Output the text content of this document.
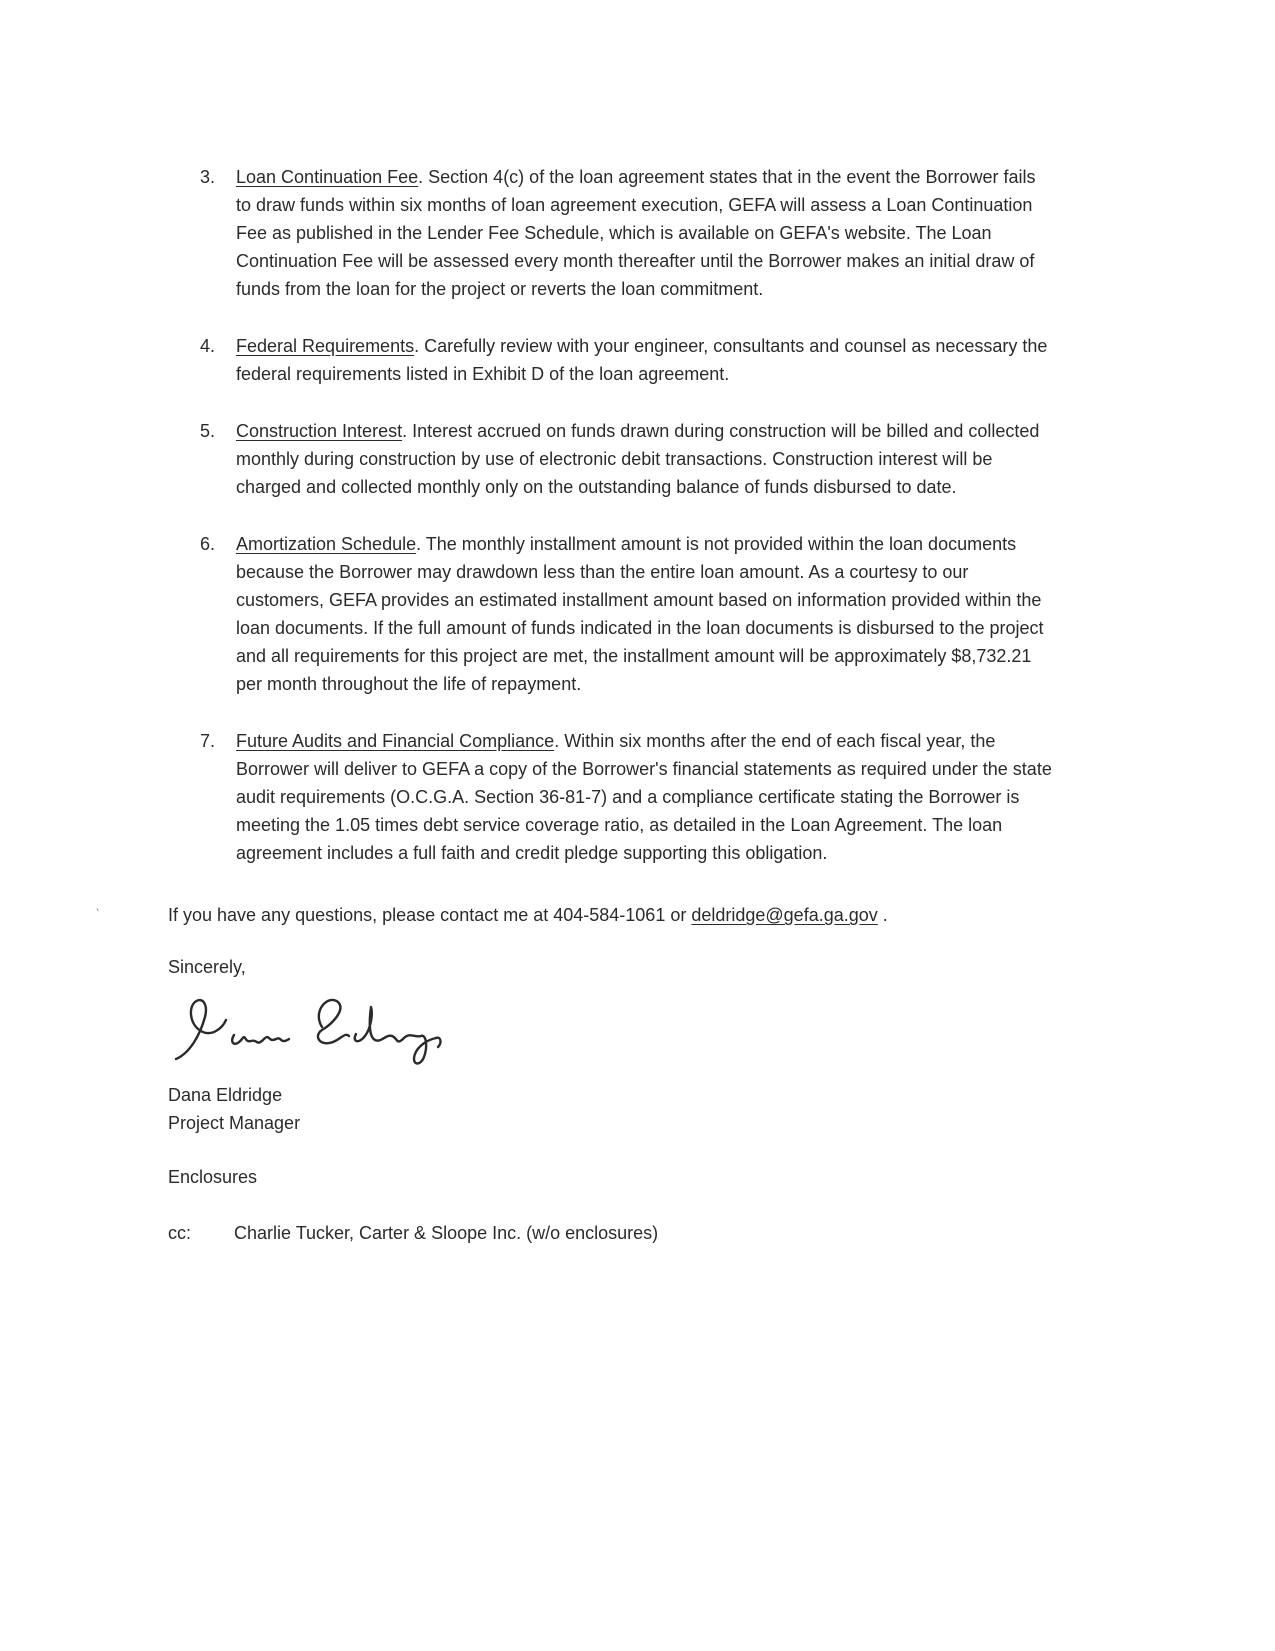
`
3.	Loan Continuation Fee. Section 4(c) of the loan agreement states that in the event the Borrower fails to draw funds within six months of loan agreement execution, GEFA will assess a Loan Continuation Fee as published in the Lender Fee Schedule, which is available on GEFA's website. The Loan Continuation Fee will be assessed every month thereafter until the Borrower makes an initial draw of funds from the loan for the project or reverts the loan commitment.

4.	Federal Requirements. Carefully review with your engineer, consultants and counsel as necessary the federal requirements listed in Exhibit D of the loan agreement.

5.	Construction Interest. Interest accrued on funds drawn during construction will be billed and collected monthly during construction by use of electronic debit transactions. Construction interest will be charged and collected monthly only on the outstanding balance of funds disbursed to date.

6.	Amortization Schedule. The monthly installment amount is not provided within the loan documents because the Borrower may drawdown less than the entire loan amount. As a courtesy to our customers, GEFA provides an estimated installment amount based on information provided within the loan documents. If the full amount of funds indicated in the loan documents is disbursed to the project and all requirements for this project are met, the installment amount will be approximately $8,732.21 per month throughout the life of repayment.

7.	Future Audits and Financial Compliance. Within six months after the end of each fiscal year, the Borrower will deliver to GEFA a copy of the Borrower's financial statements as required under the state audit requirements (O.C.G.A. Section 36-81-7) and a compliance certificate stating the Borrower is meeting the 1.05 times debt service coverage ratio, as detailed in the Loan Agreement. The loan agreement includes a full faith and credit pledge supporting this obligation.

If you have any questions, please contact me at 404-584-1061 or deldridge@gefa.ga.gov .

Sincerely,

Dana Eldridge
Project Manager

Enclosures

cc:	Charlie Tucker, Carter & Sloope Inc. (w/o enclosures)
